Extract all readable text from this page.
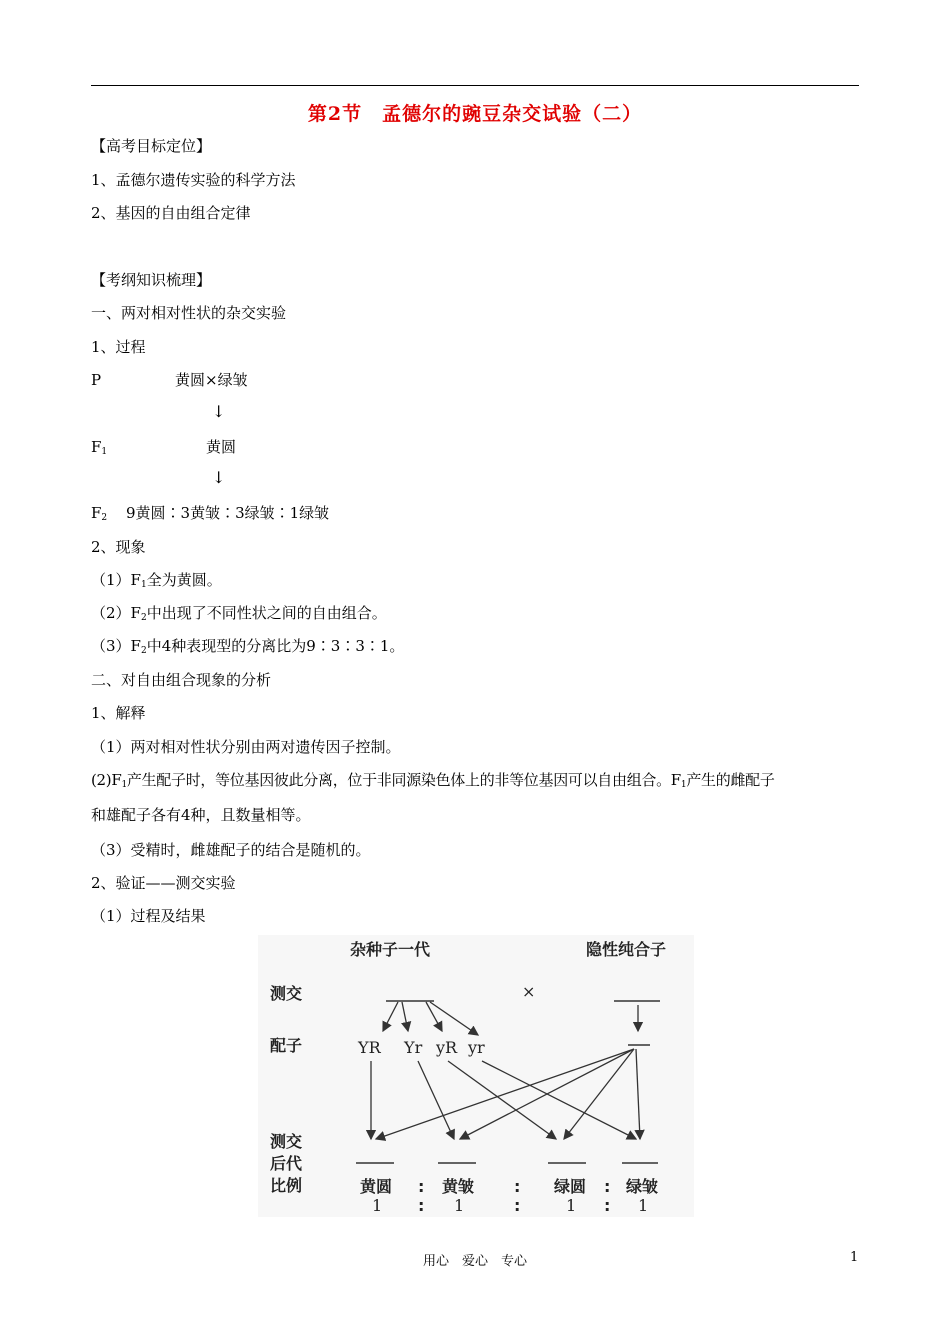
第2节　孟德尔的豌豆杂交试验（二）
【高考目标定位】
1、孟德尔遗传实验的科学方法
2、基因的自由组合定律
【考纲知识梳理】
一、两对相对性状的杂交实验
1、过程
P	黄圆×绿皱
↓
$F_1$	黄圆
↓
$F_2$ 9黄圆∶3黄皱∶3绿皱∶1绿皱
2、现象
$(1)F_1$全为黄圆。
$(2)F_2$中出现了不同性状之间的自由组合。
$(3)F_2$中4种表现型的分离比为9∶3∶3∶1。
二、对自由组合现象的分析
1、解释
（1）两对相对性状分别由两对遗传因子控制。
$(2)F_1$产生配子时，等位基因彼此分离，位于非同源染色体上的非等位基因可以自由组合。$F_1$产生的雌配子
和雄配子各有4种，且数量相等。
（3）受精时，雌雄配子的结合是随机的。
2、验证——测交实验
（1）过程及结果
杂种子一代	隐性纯合子
测交	×
配子	YR Yr yR yr
测交
后代
比例	黄圆	黄皱	绿圆 绿皱
:	:	:
:	:	:
1	1	1	1
用心　爱心　专心	1
